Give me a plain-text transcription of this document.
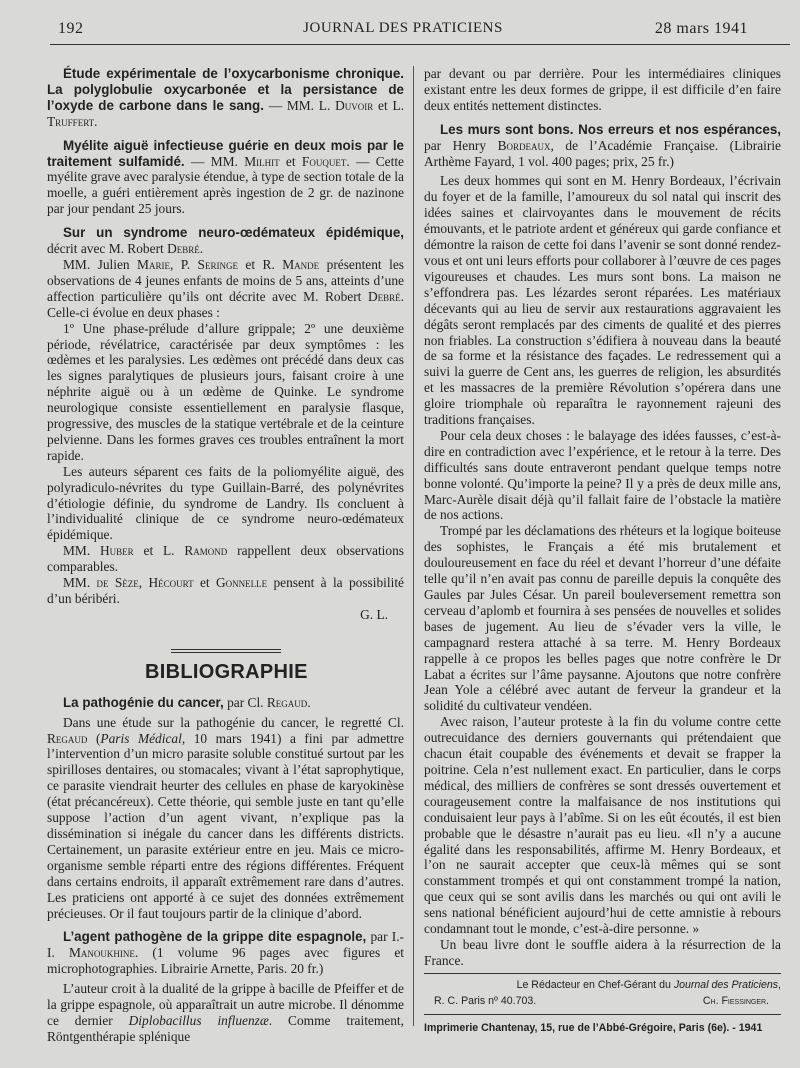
192	JOURNAL DES PRATICIENS	28 mars 1941

Étude expérimentale de l’oxycarbonisme chronique. La polyglobulie oxycarbonée et la persistance de l’oxyde de carbone dans le sang. — MM. L. Duvoir et L. Truffert.

Myélite aiguë infectieuse guérie en deux mois par le traitement sulfamidé. — MM. Milhit et Fouquet. — Cette myélite grave avec paralysie étendue, à type de section totale de la moelle, a guéri entièrement après ingestion de 2 gr. de nazinone par jour pendant 25 jours.

Sur un syndrome neuro-œdémateux épidémique, décrit avec M. Robert Debré.

MM. Julien Marie, P. Seringe et R. Mande présentent les observations de 4 jeunes enfants de moins de 5 ans, atteints d’une affection particulière qu’ils ont décrite avec M. Robert Debré. Celle-ci évolue en deux phases :

1º Une phase-prélude d’allure grippale; 2º une deuxième période, révélatrice, caractérisée par deux symptômes : les œdèmes et les paralysies. Les œdèmes ont précédé dans deux cas les signes paralytiques de plusieurs jours, faisant croire à une néphrite aiguë ou à un œdème de Quinke. Le syndrome neurologique consiste essentiellement en paralysie flasque, progressive, des muscles de la statique vertébrale et de la ceinture pelvienne. Dans les formes graves ces troubles entraînent la mort rapide.

Les auteurs séparent ces faits de la poliomyélite aiguë, des polyradiculo-névrites du type Guillain-Barré, des polynévrites d’étiologie définie, du syndrome de Landry. Ils concluent à l’individualité clinique de ce syndrome neuro-œdémateux épidémique.

MM. Huber et L. Ramond rappellent deux observations comparables.

MM. de Sèze, Hécourt et Gonnelle pensent à la possibilité d’un béribéri.

G. L.

BIBLIOGRAPHIE

La pathogénie du cancer, par Cl. Regaud.

Dans une étude sur la pathogénie du cancer, le regretté Cl. Regaud (Paris Médical, 10 mars 1941) a fini par admettre l’intervention d’un micro parasite soluble constitué surtout par les spirilloses dentaires, ou stomacales; vivant à l’état saprophytique, ce parasite viendrait heurter des cellules en phase de karyokinèse (état précancéreux). Cette théorie, qui semble juste en tant qu’elle suppose l’action d’un agent vivant, n’explique pas la dissémination si inégale du cancer dans les différents districts. Certainement, un parasite extérieur entre en jeu. Mais ce micro-organisme semble réparti entre des régions différentes. Fréquent dans certains endroits, il apparaît extrêmement rare dans d’autres. Les praticiens ont apporté à ce sujet des données extrêmement précieuses. Or il faut toujours partir de la clinique d’abord.

L’agent pathogène de la grippe dite espagnole, par I.-I. Manoukhine. (1 volume 96 pages avec figures et microphotographies. Librairie Arnette, Paris. 20 fr.)

L’auteur croit à la dualité de la grippe à bacille de Pfeiffer et de la grippe espagnole, où apparaîtrait un autre microbe. Il dénomme ce dernier Diplobacillus influenzæ. Comme traitement, Röntgenthérapie splénique

par devant ou par derrière. Pour les intermédiaires cliniques existant entre les deux formes de grippe, il est difficile d’en faire deux entités nettement distinctes.

Les murs sont bons. Nos erreurs et nos espérances, par Henry Bordeaux, de l’Académie Française. (Librairie Arthème Fayard, 1 vol. 400 pages; prix, 25 fr.)

Les deux hommes qui sont en M. Henry Bordeaux, l’écrivain du foyer et de la famille, l’amoureux du sol natal qui inscrit des idées saines et clairvoyantes dans le mouvement de récits émouvants, et le patriote ardent et généreux qui garde confiance et démontre la raison de cette foi dans l’avenir se sont donné rendez-vous et ont uni leurs efforts pour collaborer à l’œuvre de ces pages vigoureuses et chaudes. Les murs sont bons. La maison ne s’effondrera pas. Les lézardes seront réparées. Les matériaux décevants qui au lieu de servir aux restaurations aggravaient les dégâts seront remplacés par des ciments de qualité et des pierres non friables. La construction s’édifiera à nouveau dans la beauté de sa forme et la résistance des façades. Le redressement qui a suivi la guerre de Cent ans, les guerres de religion, les absurdités et les massacres de la première Révolution s’opérera dans une gloire triomphale où reparaîtra le rayonnement rajeuni des traditions françaises.

Pour cela deux choses : le balayage des idées fausses, c’est-à-dire en contradiction avec l’expérience, et le retour à la terre. Des difficultés sans doute entraveront pendant quelque temps notre bonne volonté. Qu’importe la peine? Il y a près de deux mille ans, Marc-Aurèle disait déjà qu’il fallait faire de l’obstacle la matière de nos actions.

Trompé par les déclamations des rhéteurs et la logique boiteuse des sophistes, le Français a été mis brutalement et douloureusement en face du réel et devant l’horreur d’une défaite telle qu’il n’en avait pas connu de pareille depuis la conquête des Gaules par Jules César. Un pareil bouleversement remettra son cerveau d’aplomb et fournira à ses pensées de nouvelles et solides bases de jugement. Au lieu de s’évader vers la ville, le campagnard restera attaché à sa terre. M. Henry Bordeaux rappelle à ce propos les belles pages que notre confrère le Dr Labat a écrites sur l’âme paysanne. Ajoutons que notre confrère Jean Yole a célébré avec autant de ferveur la grandeur et la solidité du cultivateur vendéen.

Avec raison, l’auteur proteste à la fin du volume contre cette outrecuidance des derniers gouvernants qui prétendaient que chacun était coupable des événements et devait se frapper la poitrine. Cela n’est nullement exact. En particulier, dans le corps médical, des milliers de confrères se sont dressés ouvertement et courageusement contre la malfaisance de nos institutions qui conduisaient leur pays à l’abîme. Si on les eût écoutés, il est bien probable que le désastre n’aurait pas eu lieu. «Il n’y a aucune égalité dans les responsabilités, affirme M. Henry Bordeaux, et l’on ne saurait accepter que ceux-là mêmes qui se sont constamment trompés et qui ont constamment trompé la nation, que ceux qui se sont avilis dans les marchés ou qui ont avili le sens national bénéficient aujourd’hui de cette amnistie à rebours condamnant tout le monde, c’est-à-dire personne. »

Un beau livre dont le souffle aidera à la résurrection de la France.

Le Rédacteur en Chef-Gérant du Journal des Praticiens,
R. C. Paris nº 40.703.	Ch. Fiessinger.
Imprimerie Chantenay, 15, rue de l’Abbé-Grégoire, Paris (6e). - 1941
